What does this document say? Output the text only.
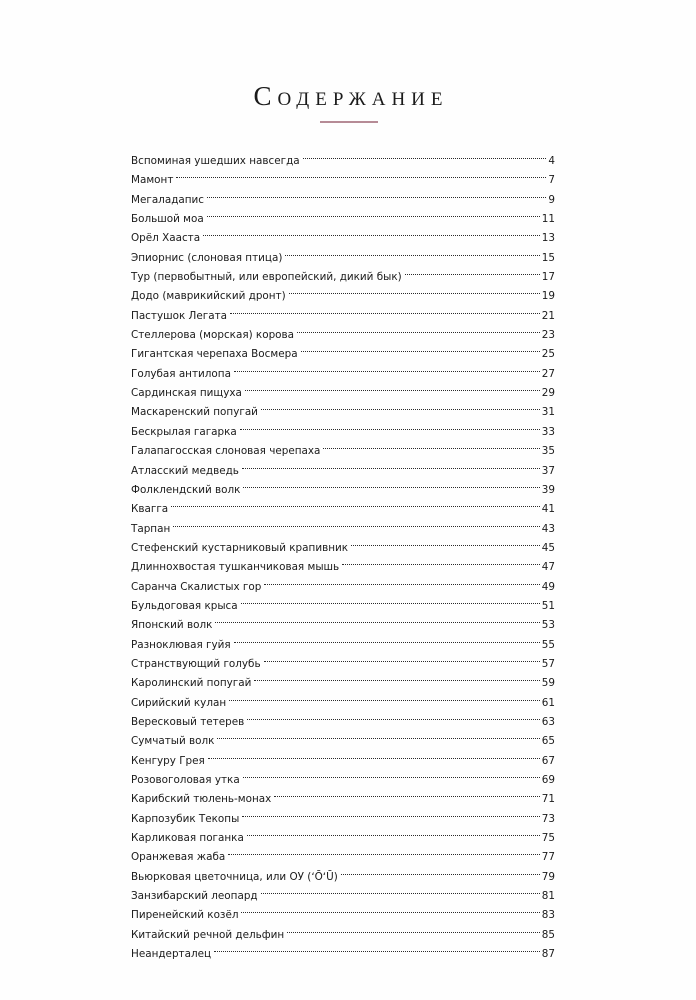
Содержание
Вспоминая ушедших навсегда	4
Мамонт	7
Мегаладапис	9
Большой моа	11
Орёл Хааста	13
Эпиорнис (слоновая птица)	15
Тур (первобытный, или европейский, дикий бык)	17
Додо (маврикийский дронт)	19
Пастушок Легата	21
Стеллерова (морская) корова	23
Гигантская черепаха Восмера	25
Голубая антилопа	27
Сардинская пищуха	29
Маскаренский попугай	31
Бескрылая гагарка	33
Галапагосская слоновая черепаха	35
Атласский медведь	37
Фолклендский волк	39
Квагга	41
Тарпан	43
Стефенский кустарниковый крапивник	45
Длиннохвостая тушканчиковая мышь	47
Саранча Скалистых гор	49
Бульдоговая крыса	51
Японский волк	53
Разноклювая гуйя	55
Странствующий голубь	57
Каролинский попугай	59
Сирийский кулан	61
Вересковый тетерев	63
Сумчатый волк	65
Кенгуру Грея	67
Розовоголовая утка	69
Карибский тюлень-монах	71
Карпозубик Текопы	73
Карликовая поганка	75
Оранжевая жаба	77
Вьюрковая цветочница, или ОУ (ʻŌʻŪ)	79
Занзибарский леопард	81
Пиренейский козёл	83
Китайский речной дельфин	85
Неандерталец	87
